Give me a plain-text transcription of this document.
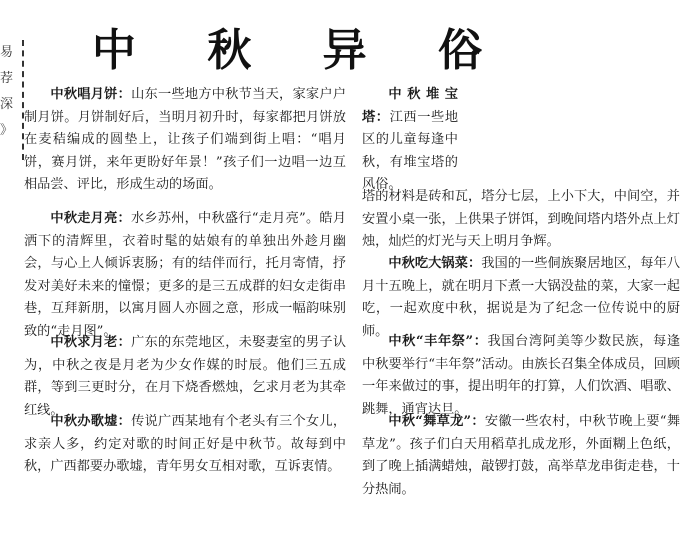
易
荐
深
》
中 秋 异 俗
中秋唱月饼：山东一些地方中秋节当天，家家户户制月饼。月饼制好后，当明月初升时，每家都把月饼放在麦秸编成的圆垫上，让孩子们端到街上唱：“唱月饼，赛月饼，来年更盼好年景！”孩子们一边唱一边互相品尝、评比，形成生动的场面。
中秋走月亮：水乡苏州，中秋盛行“走月亮”。皓月洒下的清辉里，衣着时髦的姑娘有的单独出外趁月幽会，与心上人倾诉衷肠；有的结伴而行，托月寄情，抒发对美好未来的憧憬；更多的是三五成群的妇女走街串巷，互拜新朋，以寓月圆人亦圆之意，形成一幅韵味别致的“走月图”。
中秋求月老：广东的东莞地区，未娶妻室的男子认为，中秋之夜是月老为少女作媒的时辰。他们三五成群，等到三更时分，在月下烧香燃烛，乞求月老为其牵红线。
中秋办歌墟：传说广西某地有个老头有三个女儿，求亲人多，约定对歌的时间正好是中秋节。故每到中秋，广西都要办歌墟，青年男女互相对歌，互诉衷情。
中秋堆宝塔：江西一些地区的儿童每逢中秋，有堆宝塔的风俗。
塔的材料是砖和瓦，塔分七层，上小下大，中间空，并安置小桌一张，上供果子饼饵，到晚间塔内塔外点上灯烛，灿烂的灯光与天上明月争辉。
中秋吃大锅菜：我国的一些侗族聚居地区，每年八月十五晚上，就在明月下煮一大锅没盐的菜，大家一起吃，一起欢度中秋，据说是为了纪念一位传说中的厨师。
中秋“丰年祭”：我国台湾阿美等少数民族，每逢中秋要举行“丰年祭”活动。由族长召集全体成员，回顾一年来做过的事，提出明年的打算，人们饮酒、唱歌、跳舞，通宵达旦。
中秋“舞草龙”：安徽一些农村，中秋节晚上要“舞草龙”。孩子们白天用稻草扎成龙形，外面糊上色纸，到了晚上插满蜡烛，敲锣打鼓，高举草龙串街走巷，十分热闹。
